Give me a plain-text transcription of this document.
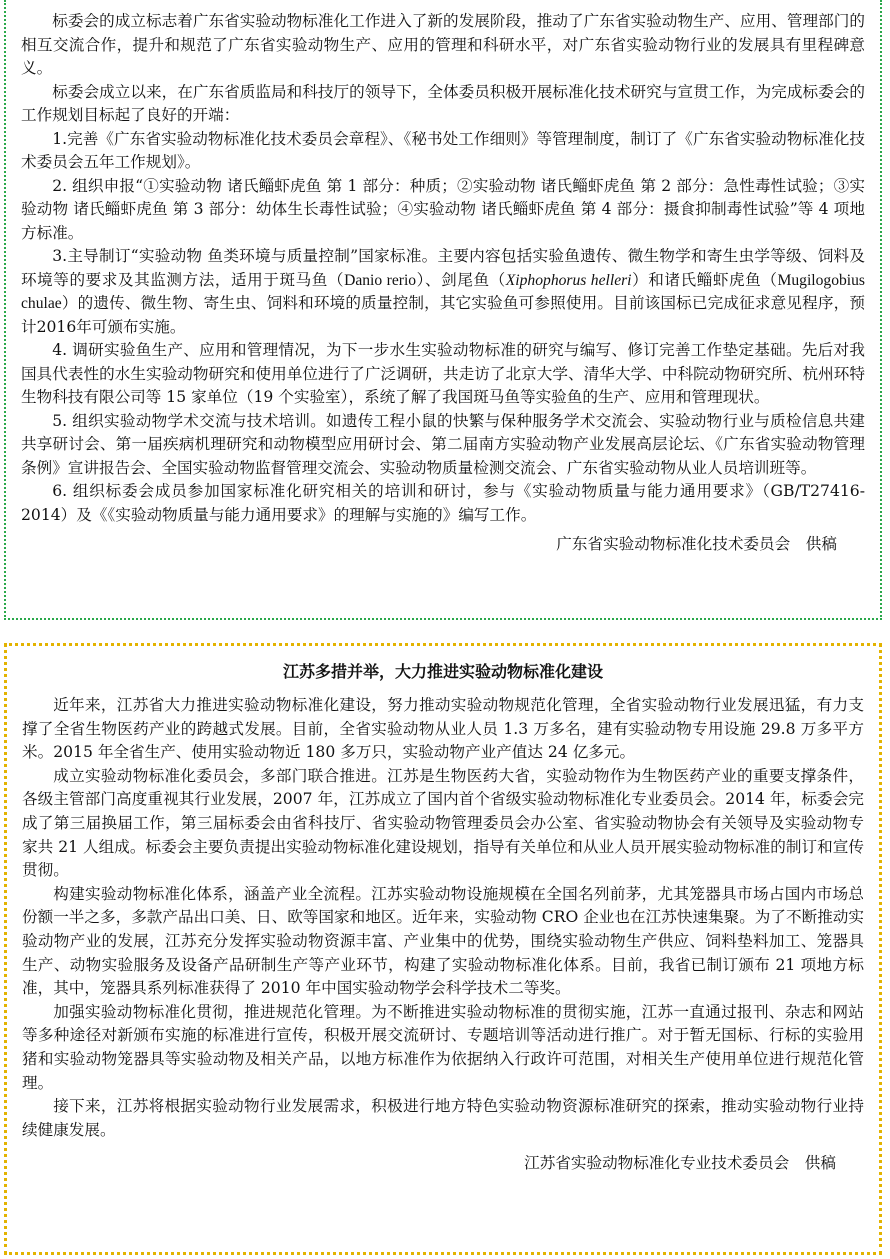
标委会的成立标志着广东省实验动物标准化工作进入了新的发展阶段，推动了广东省实验动物生产、应用、管理部门的相互交流合作，提升和规范了广东省实验动物生产、应用的管理和科研水平，对广东省实验动物行业的发展具有里程碑意义。

标委会成立以来，在广东省质监局和科技厅的领导下，全体委员积极开展标准化技术研究与宣贯工作，为完成标委会的工作规划目标起了良好的开端：

1.完善《广东省实验动物标准化技术委员会章程》、《秘书处工作细则》等管理制度，制订了《广东省实验动物标准化技术委员会五年工作规划》。

2. 组织申报“①实验动物 诸氏鲻虾虎鱼 第 1 部分：种质；②实验动物 诸氏鲻虾虎鱼 第 2 部分：急性毒性试验；③实验动物 诸氏鲻虾虎鱼 第 3 部分：幼体生长毒性试验；④实验动物 诸氏鲻虾虎鱼 第 4 部分：摄食抑制毒性试验”等 4 项地方标准。

3.主导制订“实验动物 鱼类环境与质量控制”国家标准。主要内容包括实验鱼遗传、微生物学和寄生虫学等级、饲料及环境等的要求及其监测方法，适用于斑马鱼（Danio rerio）、剑尾鱼（Xiphophorus helleri）和诸氏鲻虾虎鱼（Mugilogobius chulae）的遗传、微生物、寄生虫、饲料和环境的质量控制，其它实验鱼可参照使用。目前该国标已完成征求意见程序，预计2016年可颁布实施。

4. 调研实验鱼生产、应用和管理情况，为下一步水生实验动物标准的研究与编写、修订完善工作垫定基础。先后对我国具代表性的水生实验动物研究和使用单位进行了广泛调研，共走访了北京大学、清华大学、中科院动物研究所、杭州环特生物科技有限公司等 15 家单位（19 个实验室），系统了解了我国斑马鱼等实验鱼的生产、应用和管理现状。

5. 组织实验动物学术交流与技术培训。如遗传工程小鼠的快繁与保种服务学术交流会、实验动物行业与质检信息共建共享研讨会、第一届疾病机理研究和动物模型应用研讨会、第二届南方实验动物产业发展高层论坛、《广东省实验动物管理条例》宣讲报告会、全国实验动物监督管理交流会、实验动物质量检测交流会、广东省实验动物从业人员培训班等。

6. 组织标委会成员参加国家标准化研究相关的培训和研讨，参与《实验动物质量与能力通用要求》（GB/T27416-2014）及《《实验动物质量与能力通用要求》的理解与实施的》编写工作。

广东省实验动物标准化技术委员会　供稿

江苏多措并举，大力推进实验动物标准化建设

近年来，江苏省大力推进实验动物标准化建设，努力推动实验动物规范化管理，全省实验动物行业发展迅猛，有力支撑了全省生物医药产业的跨越式发展。目前，全省实验动物从业人员 1.3 万多名，建有实验动物专用设施 29.8 万多平方米。2015 年全省生产、使用实验动物近 180 多万只，实验动物产业产值达 24 亿多元。

成立实验动物标准化委员会，多部门联合推进。江苏是生物医药大省，实验动物作为生物医药产业的重要支撑条件，各级主管部门高度重视其行业发展，2007 年，江苏成立了国内首个省级实验动物标准化专业委员会。2014 年，标委会完成了第三届换届工作，第三届标委会由省科技厅、省实验动物管理委员会办公室、省实验动物协会有关领导及实验动物专家共 21 人组成。标委会主要负责提出实验动物标准化建设规划，指导有关单位和从业人员开展实验动物标准的制订和宣传贯彻。

构建实验动物标准化体系，涵盖产业全流程。江苏实验动物设施规模在全国名列前茅，尤其笼器具市场占国内市场总份额一半之多，多款产品出口美、日、欧等国家和地区。近年来，实验动物 CRO 企业也在江苏快速集聚。为了不断推动实验动物产业的发展，江苏充分发挥实验动物资源丰富、产业集中的优势，围绕实验动物生产供应、饲料垫料加工、笼器具生产、动物实验服务及设备产品研制生产等产业环节，构建了实验动物标准化体系。目前，我省已制订颁布 21 项地方标准，其中，笼器具系列标准获得了 2010 年中国实验动物学会科学技术二等奖。

加强实验动物标准化贯彻，推进规范化管理。为不断推进实验动物标准的贯彻实施，江苏一直通过报刊、杂志和网站等多种途径对新颁布实施的标准进行宣传，积极开展交流研讨、专题培训等活动进行推广。对于暂无国标、行标的实验用猪和实验动物笼器具等实验动物及相关产品，以地方标准作为依据纳入行政许可范围，对相关生产使用单位进行规范化管理。

接下来，江苏将根据实验动物行业发展需求，积极进行地方特色实验动物资源标准研究的探索，推动实验动物行业持续健康发展。

江苏省实验动物标准化专业技术委员会　供稿
